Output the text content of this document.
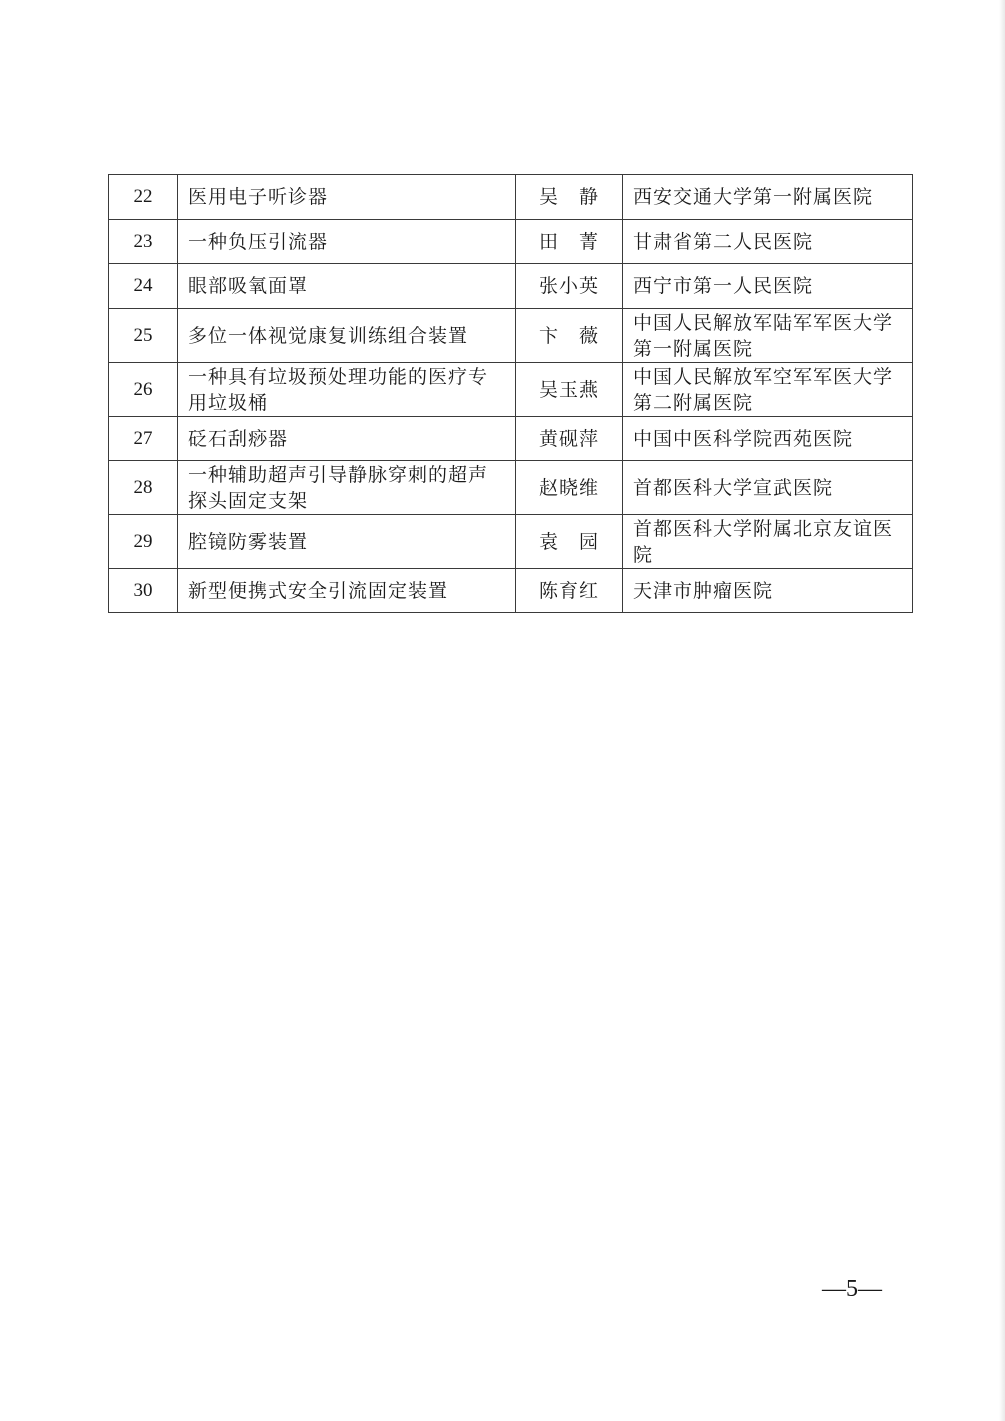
22	医用电子听诊器	吴　静	西安交通大学第一附属医院
23	一种负压引流器	田　菁	甘肃省第二人民医院
24	眼部吸氧面罩	张小英	西宁市第一人民医院
25	多位一体视觉康复训练组合装置	卞　薇	中国人民解放军陆军军医大学第一附属医院
26	一种具有垃圾预处理功能的医疗专用垃圾桶	吴玉燕	中国人民解放军空军军医大学第二附属医院
27	砭石刮痧器	黄砚萍	中国中医科学院西苑医院
28	一种辅助超声引导静脉穿刺的超声探头固定支架	赵晓维	首都医科大学宣武医院
29	腔镜防雾装置	袁　园	首都医科大学附属北京友谊医院
30	新型便携式安全引流固定装置	陈育红	天津市肿瘤医院
—5—
